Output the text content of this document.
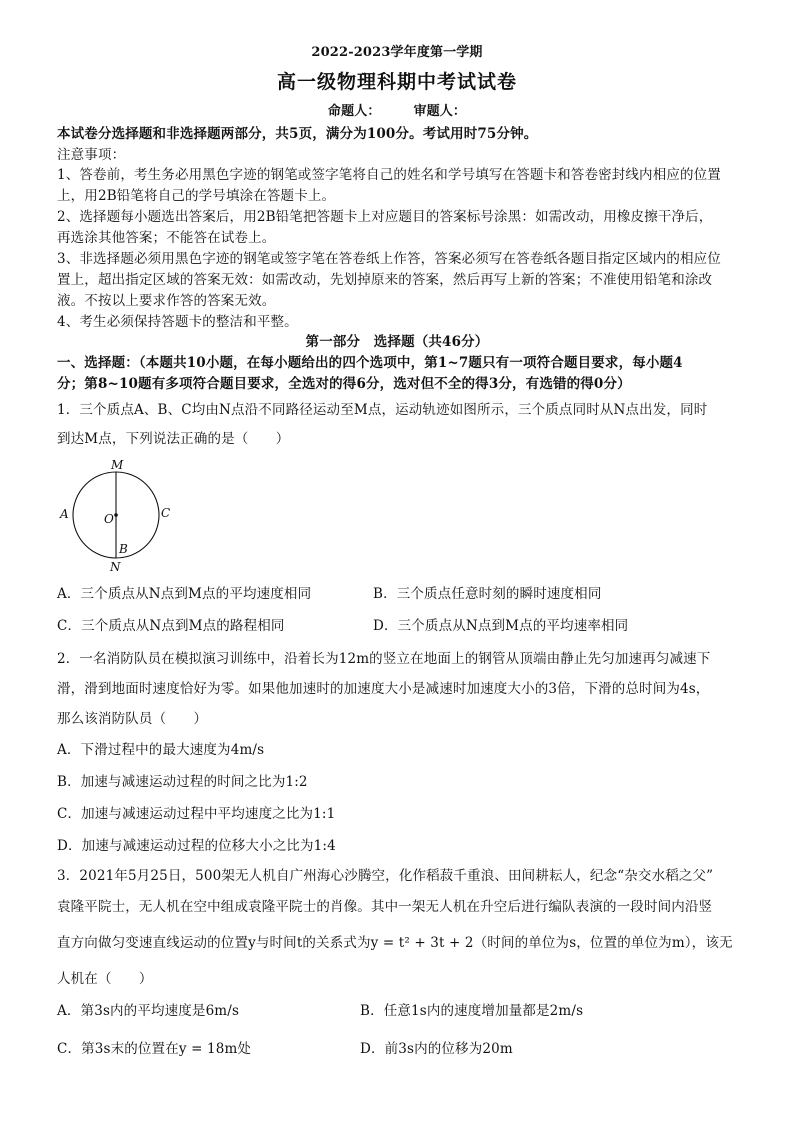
2022-2023学年度第一学期
高一级物理科期中考试试卷
命题人：　　　审题人：
本试卷分选择题和非选择题两部分，共5页，满分为100分。考试用时75分钟。
注意事项：
1、答卷前，考生务必用黑色字迹的钢笔或签字笔将自己的姓名和学号填写在答题卡和答卷密封线内相应的位置
上，用2B铅笔将自己的学号填涂在答题卡上。
2、选择题每小题选出答案后，用2B铅笔把答题卡上对应题目的答案标号涂黑：如需改动，用橡皮擦干净后，
再选涂其他答案；不能答在试卷上。
3、非选择题必须用黑色字迹的钢笔或签字笔在答卷纸上作答，答案必须写在答卷纸各题目指定区域内的相应位
置上，超出指定区域的答案无效：如需改动，先划掉原来的答案，然后再写上新的答案；不准使用铅笔和涂改
液。不按以上要求作答的答案无效。
4、考生必须保持答题卡的整洁和平整。
第一部分　选择题（共46分）
一、选择题：（本题共10小题，在每小题给出的四个选项中，第1~7题只有一项符合题目要求，每小题4
分；第8~10题有多项符合题目要求，全选对的得6分，选对但不全的得3分，有选错的得0分）
1．三个质点A、B、C均由N点沿不同路径运动至M点，运动轨迹如图所示，三个质点同时从N点出发，同时
到达M点，下列说法正确的是（　　）
M
N
A
B
C
O
A．三个质点从N点到M点的平均速度相同	B．三个质点任意时刻的瞬时速度相同
C．三个质点从N点到M点的路程相同	D．三个质点从N点到M点的平均速率相同
2．一名消防队员在模拟演习训练中，沿着长为12m的竖立在地面上的钢管从顶端由静止先匀加速再匀减速下
滑，滑到地面时速度恰好为零。如果他加速时的加速度大小是减速时加速度大小的3倍，下滑的总时间为4s，
那么该消防队员（　　）
A．下滑过程中的最大速度为4m/s
B．加速与减速运动过程的时间之比为1:2
C．加速与减速运动过程中平均速度之比为1:1
D．加速与减速运动过程的位移大小之比为1:4
3．2021年5月25日，500架无人机自广州海心沙腾空，化作稻菽千重浪、田间耕耘人，纪念“杂交水稻之父”
袁隆平院士，无人机在空中组成袁隆平院士的肖像。其中一架无人机在升空后进行编队表演的一段时间内沿竖
直方向做匀变速直线运动的位置y与时间t的关系式为y = t² + 3t + 2（时间的单位为s，位置的单位为m），该无
人机在（　　）
A．第3s内的平均速度是6m/s	B．任意1s内的速度增加量都是2m/s
C．第3s末的位置在y = 18m处	D．前3s内的位移为20m
